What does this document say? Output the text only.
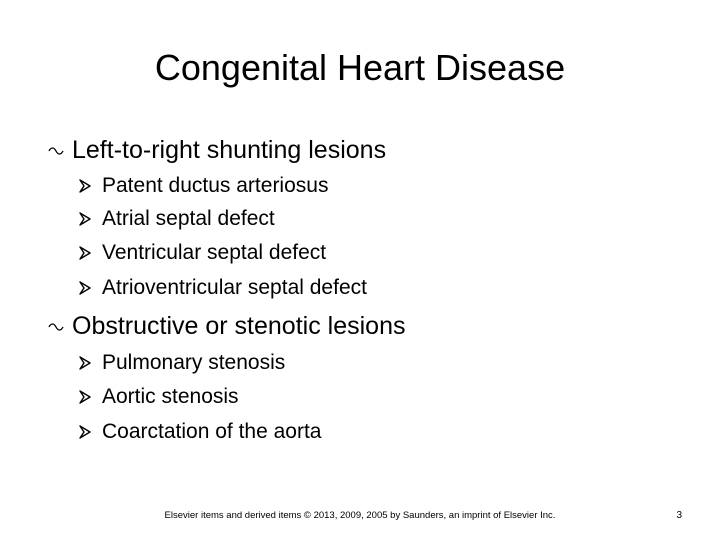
Congenital Heart Disease
Left-to-right shunting lesions
Patent ductus arteriosus
Atrial septal defect
Ventricular septal defect
Atrioventricular septal defect
Obstructive or stenotic lesions
Pulmonary stenosis
Aortic stenosis
Coarctation of the aorta
Elsevier items and derived items © 2013, 2009, 2005 by Saunders, an imprint of Elsevier Inc.	3
